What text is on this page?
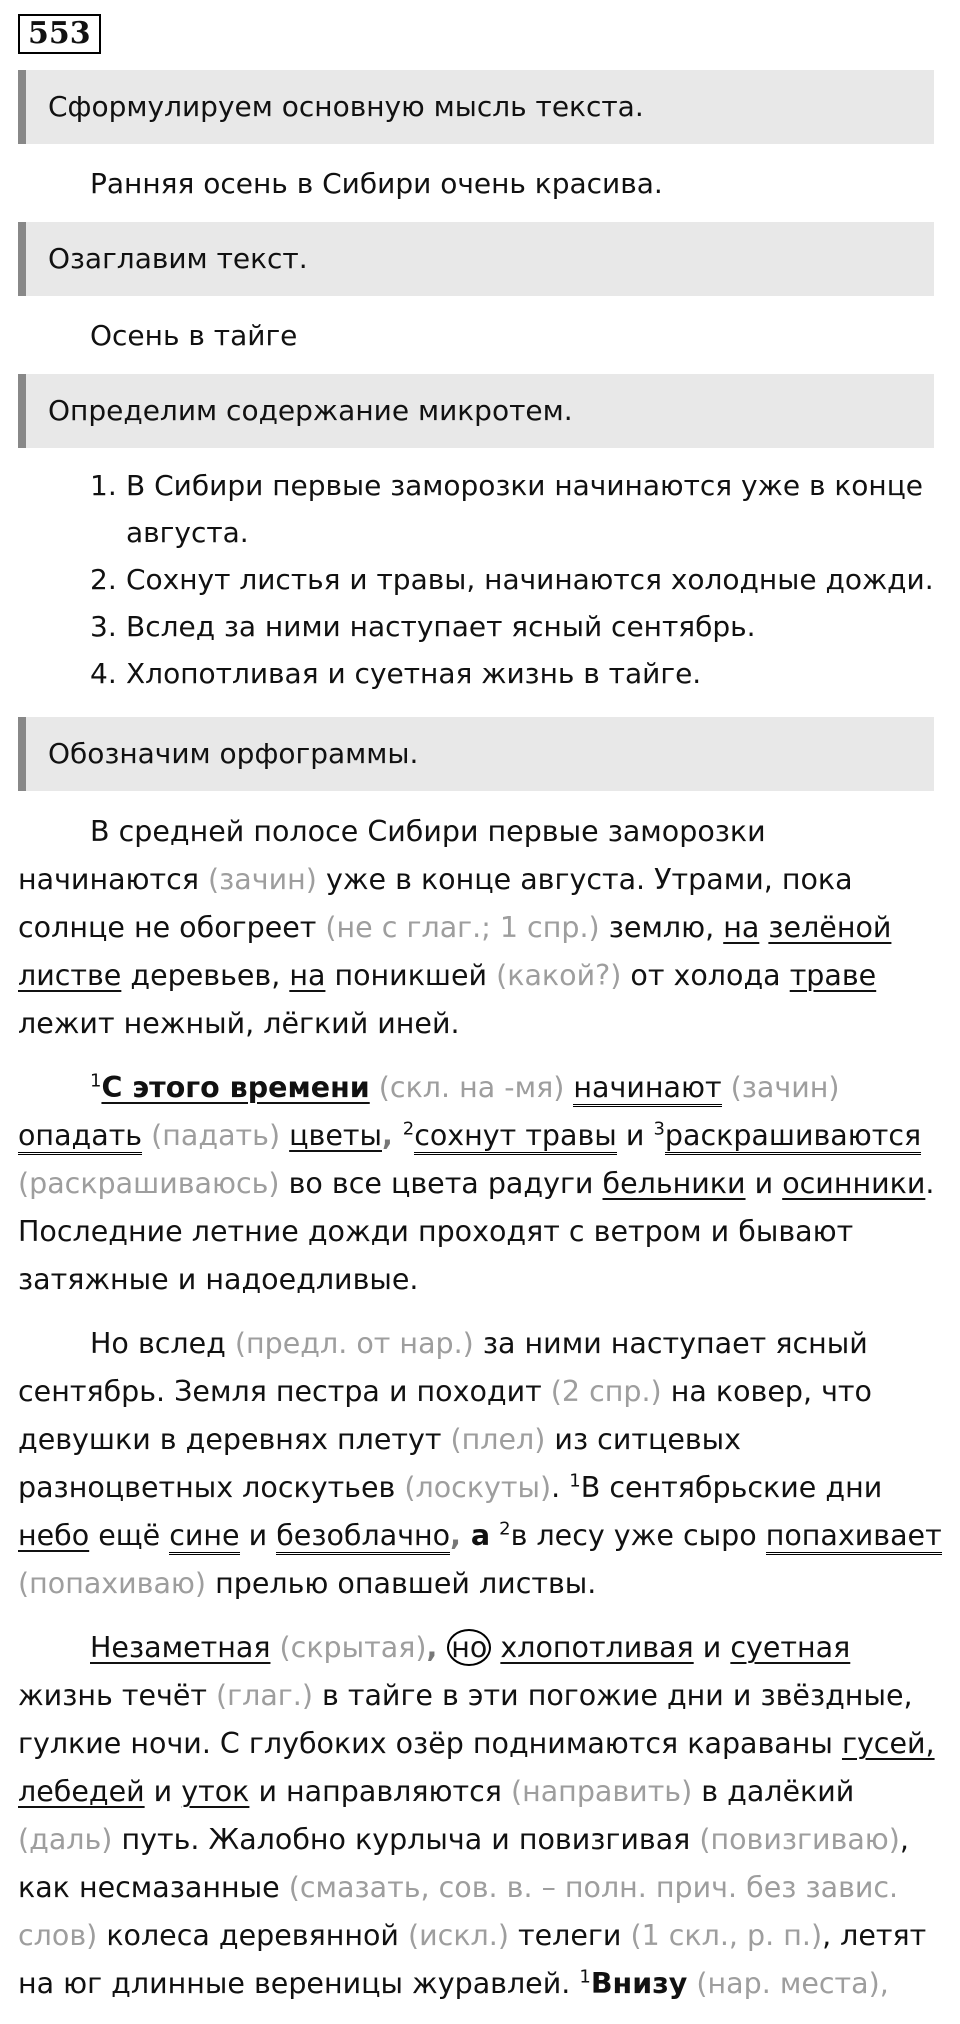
553
Сформулируем основную мысль текста.
Ранняя осень в Сибири очень красива.
Озаглавим текст.
Осень в тайге
Определим содержание микротем.
1. В Сибири первые заморозки начинаются уже в конце августа.
2. Сохнут листья и травы, начинаются холодные дожди.
3. Вслед за ними наступает ясный сентябрь.
4. Хлопотливая и суетная жизнь в тайге.
Обозначим орфограммы.

В средней полосе Сибири первые заморозки начинаются (зачин) уже в конце августа. Утрами, пока солнце не обогреет (не с глаг.; 1 спр.) землю, на зелёной листве деревьев, на поникшей (какой?) от холода траве лежит нежный, лёгкий иней.

$^1$С этого времени (скл. на -мя) начинают (зачин) опадать (падать) цветы, $^2$сохнут травы и $^3$раскрашиваются (раскрашиваюсь) во все цвета радуги бельники и осинники. Последние летние дожди проходят с ветром и бывают затяжные и надоедливые.

Но вслед (предл. от нар.) за ними наступает ясный сентябрь. Земля пестра и походит (2 спр.) на ковер, что девушки в деревнях плетут (плел) из ситцевых разноцветных лоскутьев (лоскуты). $^1$В сентябрьские дни небо ещё сине и безоблачно, а $^2$в лесу уже сыро попахивает (попахиваю) прелью опавшей листвы.

Незаметная (скрытая), но хлопотливая и суетная жизнь течёт (глаг.) в тайге в эти погожие дни и звёздные, гулкие ночи. С глубоких озёр поднимаются караваны гусей, лебедей и уток и направляются (направить) в далёкий (даль) путь. Жалобно курлыча и повизгивая (повизгиваю), как несмазанные (смазать, сов. в. – полн. прич. без завис. слов) колеса деревянной (искл.) телеги (1 скл., р. п.), летят на юг длинные вереницы журавлей. $^1$Внизу (нар. места),
